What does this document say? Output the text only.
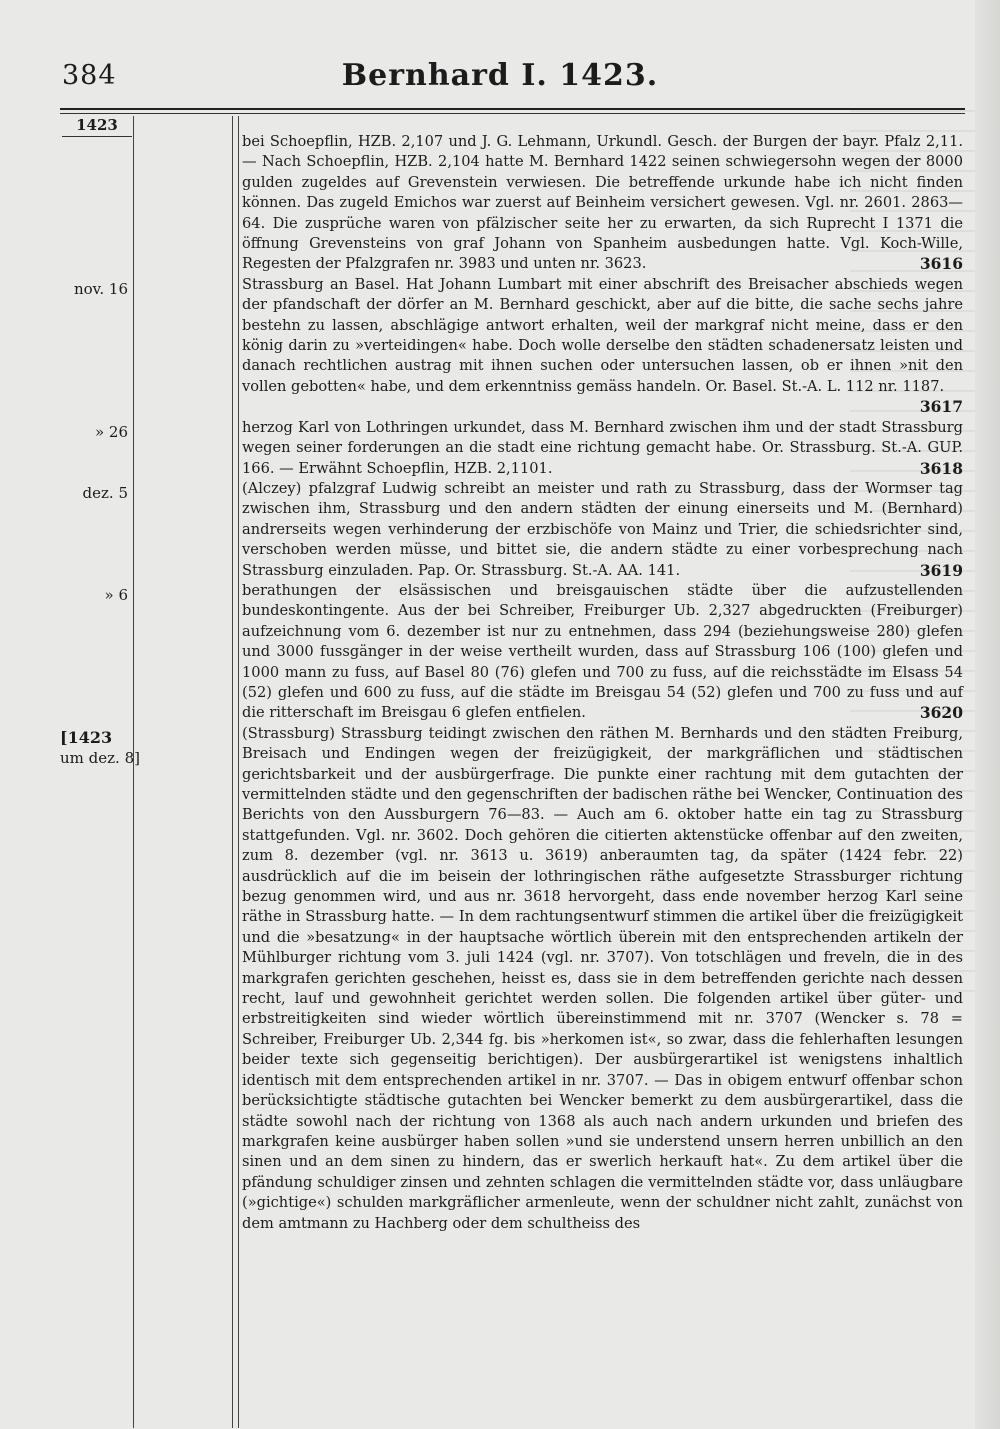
384	Bernhard I. 1423.
1423
bei Schoepflin, HZB. 2,107 und J. G. Lehmann, Urkundl. Gesch. der Burgen der bayr. Pfalz 2,11. — Nach Schoepflin, HZB. 2,104 hatte M. Bernhard 1422 seinen schwiegersohn wegen der 8000 gulden zugeldes auf Grevenstein verwiesen. Die betreffende urkunde habe ich nicht finden können. Das zugeld Emichos war zuerst auf Beinheim versichert gewesen. Vgl. nr. 2601. 2863—64. Die zusprüche waren von pfälzischer seite her zu erwarten, da sich Ruprecht I 1371 die öffnung Grevensteins von graf Johann von Spanheim ausbedungen hatte. Vgl. Koch-Wille, Regesten der Pfalzgrafen nr. 3983 und unten nr. 3623.	3616
nov. 16	Strassburg an Basel. Hat Johann Lumbart mit einer abschrift des Breisacher abschieds wegen der pfandschaft der dörfer an M. Bernhard geschickt, aber auf die bitte, die sache sechs jahre bestehn zu lassen, abschlägige antwort erhalten, weil der markgraf nicht meine, dass er den könig darin zu »verteidingen« habe. Doch wolle derselbe den städten schadenersatz leisten und danach rechtlichen austrag mit ihnen suchen oder untersuchen lassen, ob er ihnen »nit den vollen gebotten« habe, und dem erkenntniss gemäss handeln. Or. Basel. St.-A. L. 112 nr. 1187.
3617
» 26	herzog Karl von Lothringen urkundet, dass M. Bernhard zwischen ihm und der stadt Strassburg wegen seiner forderungen an die stadt eine richtung gemacht habe. Or. Strassburg. St.-A. GUP. 166. — Erwähnt Schoepflin, HZB. 2,1101.	3618
dez. 5	(Alczey) pfalzgraf Ludwig schreibt an meister und rath zu Strassburg, dass der Wormser tag zwischen ihm, Strassburg und den andern städten der einung einerseits und M. (Bernhard) andrerseits wegen verhinderung der erzbischöfe von Mainz und Trier, die schiedsrichter sind, verschoben werden müsse, und bittet sie, die andern städte zu einer vorbesprechung nach Strassburg einzuladen. Pap. Or. Strassburg. St.-A. AA. 141.	3619
» 6	berathungen der elsässischen und breisgauischen städte über die aufzustellenden bundeskontingente. Aus der bei Schreiber, Freiburger Ub. 2,327 abgedruckten (Freiburger) aufzeichnung vom 6. dezember ist nur zu entnehmen, dass 294 (beziehungsweise 280) glefen und 3000 fussgänger in der weise vertheilt wurden, dass auf Strassburg 106 (100) glefen und 1000 mann zu fuss, auf Basel 80 (76) glefen und 700 zu fuss, auf die reichsstädte im Elsass 54 (52) glefen und 600 zu fuss, auf die städte im Breisgau 54 (52) glefen und 700 zu fuss und auf die ritterschaft im Breisgau 6 glefen entfielen.	3620
[1423
um dez. 8]
(Strassburg) Strassburg teidingt zwischen den räthen M. Bernhards und den städten Freiburg, Breisach und Endingen wegen der freizügigkeit, der markgräflichen und städtischen gerichtsbarkeit und der ausbürgerfrage. Die punkte einer rachtung mit dem gutachten der vermittelnden städte und den gegenschriften der badischen räthe bei Wencker, Continuation des Berichts von den Aussburgern 76—83. — Auch am 6. oktober hatte ein tag zu Strassburg stattgefunden. Vgl. nr. 3602. Doch gehören die citierten aktenstücke offenbar auf den zweiten, zum 8. dezember (vgl. nr. 3613 u. 3619) anberaumten tag, da später (1424 febr. 22) ausdrücklich auf die im beisein der lothringischen räthe aufgesetzte Strassburger richtung bezug genommen wird, und aus nr. 3618 hervorgeht, dass ende november herzog Karl seine räthe in Strassburg hatte. — In dem rachtungsentwurf stimmen die artikel über die freizügigkeit und die »besatzung« in der hauptsache wörtlich überein mit den entsprechenden artikeln der Mühlburger richtung vom 3. juli 1424 (vgl. nr. 3707). Von totschlägen und freveln, die in des markgrafen gerichten geschehen, heisst es, dass sie in dem betreffenden gerichte nach dessen recht, lauf und gewohnheit gerichtet werden sollen. Die folgenden artikel über güter- und erbstreitigkeiten sind wieder wörtlich übereinstimmend mit nr. 3707 (Wencker s. 78 = Schreiber, Freiburger Ub. 2,344 fg. bis »herkomen ist«, so zwar, dass die fehlerhaften lesungen beider texte sich gegenseitig berichtigen). Der ausbürgerartikel ist wenigstens inhaltlich identisch mit dem entsprechenden artikel in nr. 3707. — Das in obigem entwurf offenbar schon berücksichtigte städtische gutachten bei Wencker bemerkt zu dem ausbürgerartikel, dass die städte sowohl nach der richtung von 1368 als auch nach andern urkunden und briefen des markgrafen keine ausbürger haben sollen »und sie understend unsern herren unbillich an den sinen und an dem sinen zu hindern, das er swerlich herkauft hat«. Zu dem artikel über die pfändung schuldiger zinsen und zehnten schlagen die vermittelnden städte vor, dass unläugbare (»gichtige«) schulden markgräflicher armenleute, wenn der schuldner nicht zahlt, zunächst von dem amtmann zu Hachberg oder dem schultheiss des
